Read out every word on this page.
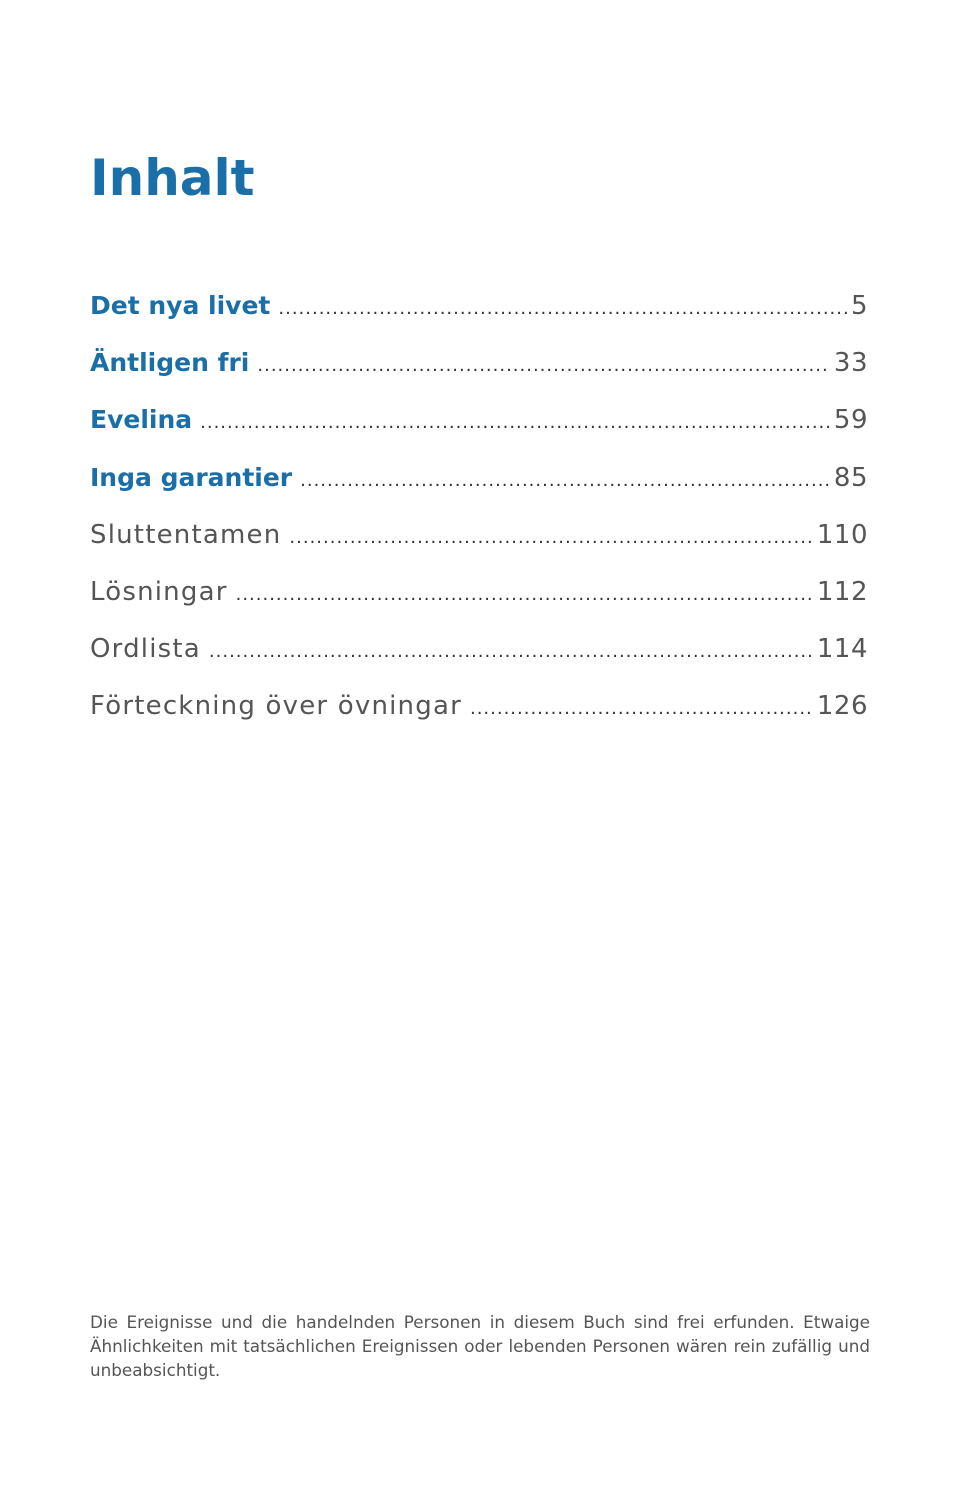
Inhalt
Det nya livet .....	5
Äntligen fri .....	33
Evelina .....	59
Inga garantier .....	85
Sluttentamen .....	110
Lösningar .....	112
Ordlista .....	114
Förteckning över övningar .....	126

Die Ereignisse und die handelnden Personen in diesem Buch sind frei erfunden. Etwaige Ähnlichkeiten mit tatsächlichen Ereignissen oder lebenden Personen wären rein zufällig und unbeabsichtigt.
